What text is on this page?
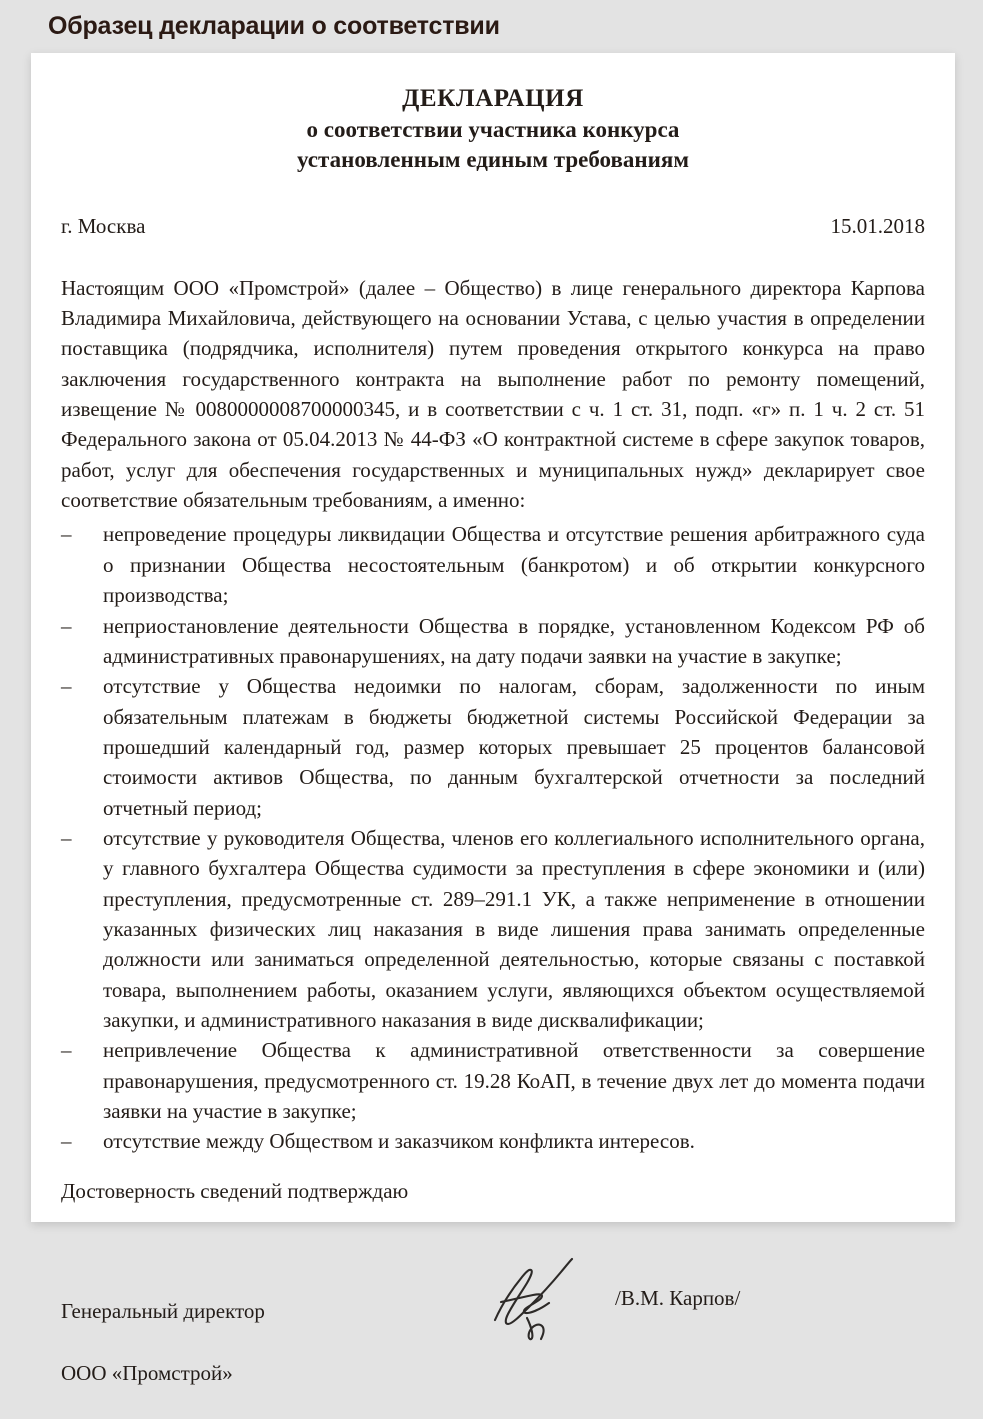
Образец декларации о соответствии
ДЕКЛАРАЦИЯ
о соответствии участника конкурса
установленным единым требованиям
г. Москва	15.01.2018
Настоящим ООО «Промстрой» (далее – Общество) в лице генерального директора Карпова Владимира Михайловича, действующего на основании Устава, с целью участия в определении поставщика (подрядчика, исполнителя) путем проведения открытого конкурса на право заключения государственного контракта на выполнение работ по ремонту помещений, извещение № 0080000008700000345, и в соответствии с ч. 1 ст. 31, подп. «г» п. 1 ч. 2 ст. 51 Федерального закона от 05.04.2013 № 44-ФЗ «О контрактной системе в сфере закупок товаров, работ, услуг для обеспечения государственных и муниципальных нужд» декларирует свое соответствие обязательным требованиям, а именно:
– непроведение процедуры ликвидации Общества и отсутствие решения арбитражного суда о признании Общества несостоятельным (банкротом) и об открытии конкурсного производства;
– неприостановление деятельности Общества в порядке, установленном Кодексом РФ об административных правонарушениях, на дату подачи заявки на участие в закупке;
– отсутствие у Общества недоимки по налогам, сборам, задолженности по иным обязательным платежам в бюджеты бюджетной системы Российской Федерации за прошедший календарный год, размер которых превышает 25 процентов балансовой стоимости активов Общества, по данным бухгалтерской отчетности за последний отчетный период;
– отсутствие у руководителя Общества, членов его коллегиального исполнительного органа, у главного бухгалтера Общества судимости за преступления в сфере экономики и (или) преступления, предусмотренные ст. 289–291.1 УК, а также неприменение в отношении указанных физических лиц наказания в виде лишения права занимать определенные должности или заниматься определенной деятельностью, которые связаны с поставкой товара, выполнением работы, оказанием услуги, являющихся объектом осуществляемой закупки, и административного наказания в виде дисквалификации;
– непривлечение Общества к административной ответственности за совершение правонарушения, предусмотренного ст. 19.28 КоАП, в течение двух лет до момента подачи заявки на участие в закупке;
– отсутствие между Обществом и заказчиком конфликта интересов.
Достоверность сведений подтверждаю

Генеральный директор

ООО «Промстрой»

/В.М. Карпов/
